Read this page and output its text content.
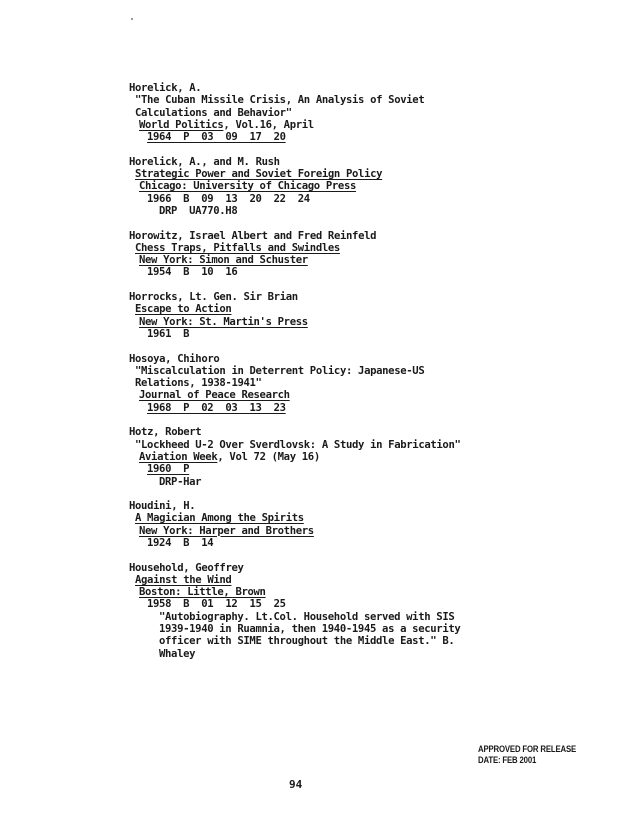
Horelick, A.
"The Cuban Missile Crisis, An Analysis of Soviet
Calculations and Behavior"
World Politics, Vol.16, April
1964  P  03  09  17  20
Horelick, A., and M. Rush
Strategic Power and Soviet Foreign Policy
Chicago: University of Chicago Press
1966  B  09  13  20  22  24
DRP  UA770.H8
Horowitz, Israel Albert and Fred Reinfeld
Chess Traps, Pitfalls and Swindles
New York: Simon and Schuster
1954  B  10  16
Horrocks, Lt. Gen. Sir Brian
Escape to Action
New York: St. Martin's Press
1961  B
Hosoya, Chihoro
"Miscalculation in Deterrent Policy: Japanese-US
Relations, 1938-1941"
Journal of Peace Research
1968  P  02  03  13  23
Hotz, Robert
"Lockheed U-2 Over Sverdlovsk: A Study in Fabrication"
Aviation Week, Vol 72 (May 16)
1960  P
DRP-Har
Houdini, H.
A Magician Among the Spirits
New York: Harper and Brothers
1924  B  14
Household, Geoffrey
Against the Wind
Boston: Little, Brown
1958  B  01  12  15  25
"Autobiography. Lt.Col. Household served with SIS
1939-1940 in Ruamnia, then 1940-1945 as a security
officer with SIME throughout the Middle East." B.
Whaley
APPROVED FOR RELEASE
DATE: FEB 2001
94
